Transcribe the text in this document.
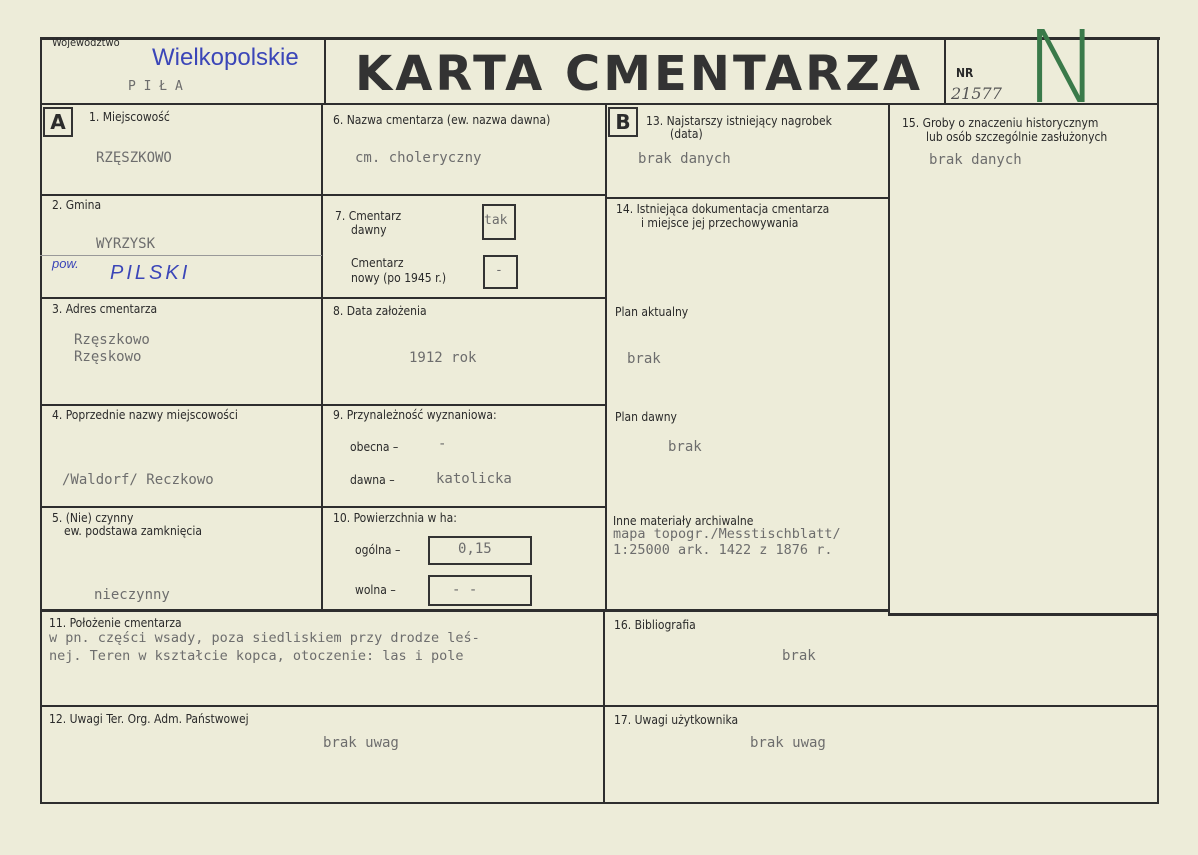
Województwo
Wielkopolskie
P I Ł A	KARTA CMENTARZA	NR
21577 N
A	B
1. Miejscowość
RZĘSZKOWO
2. Gmina
WYRZYSK
pow. PILSKI
3. Adres cmentarza
Rzęszkowo
Rzęskowo
4. Poprzednie nazwy miejscowości
/Waldorf/ Reczkowo
5. (Nie) czynny
ew. podstawa zamknięcia
nieczynny
6. Nazwa cmentarza (ew. nazwa dawna)
cm. choleryczny
7. Cmentarz
dawny
tak
Cmentarz
nowy (po 1945 r.)	-
8. Data założenia
1912 rok
9. Przynależność wyznaniowa:
obecna –	-
dawna –	katolicka
10. Powierzchnia w ha:
ogólna –	0,15
wolna –	- -
13. Najstarszy istniejący nagrobek
(data)
brak danych
14. Istniejąca dokumentacja cmentarza
i miejsce jej przechowywania
Plan aktualny
brak
Plan dawny
brak
Inne materiały archiwalne
mapa topogr./Messtischblatt/
1:25000 ark. 1422 z 1876 r.
15. Groby o znaczeniu historycznym
lub osób szczególnie zasłużonych
brak danych
11. Położenie cmentarza
w pn. części wsady, poza siedliskiem przy drodze leś-
nej. Teren w kształcie kopca, otoczenie: las i pole
16. Bibliografia
brak
12. Uwagi Ter. Org. Adm. Państwowej
brak uwag
17. Uwagi użytkownika
brak uwag
